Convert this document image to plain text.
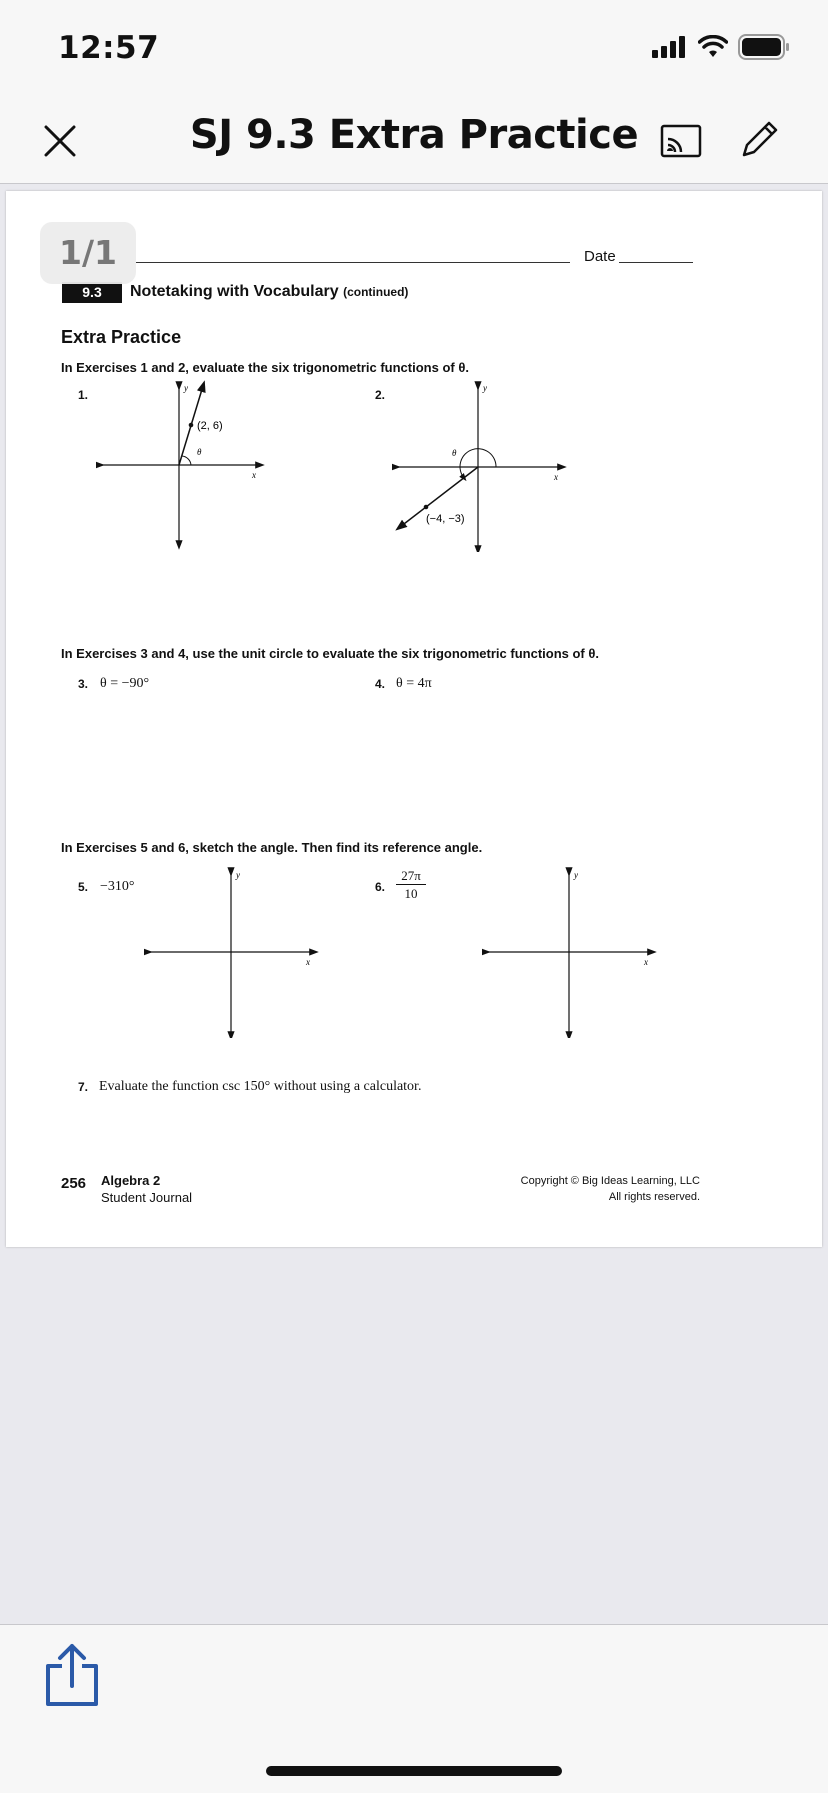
12:57
SJ 9.3 Extra Practice
Date
9.3	Notetaking with Vocabulary (continued)
Extra Practice
In Exercises 1 and 2, evaluate the six trigonometric functions of θ.
1.	2.
(2, 6)
θ
y
x
θ
(−4, −3)
y
x
In Exercises 3 and 4, use the unit circle to evaluate the six trigonometric functions of θ.
3. θ = −90°	4. θ = 4π
In Exercises 5 and 6, sketch the angle. Then find its reference angle.
5. −310°	6. $\frac{27\pi}{10}$
y
x
y
x
7. Evaluate the function csc 150° without using a calculator.
256 Algebra 2
Student Journal
Copyright © Big Ideas Learning, LLC
All rights reserved.
1/1
